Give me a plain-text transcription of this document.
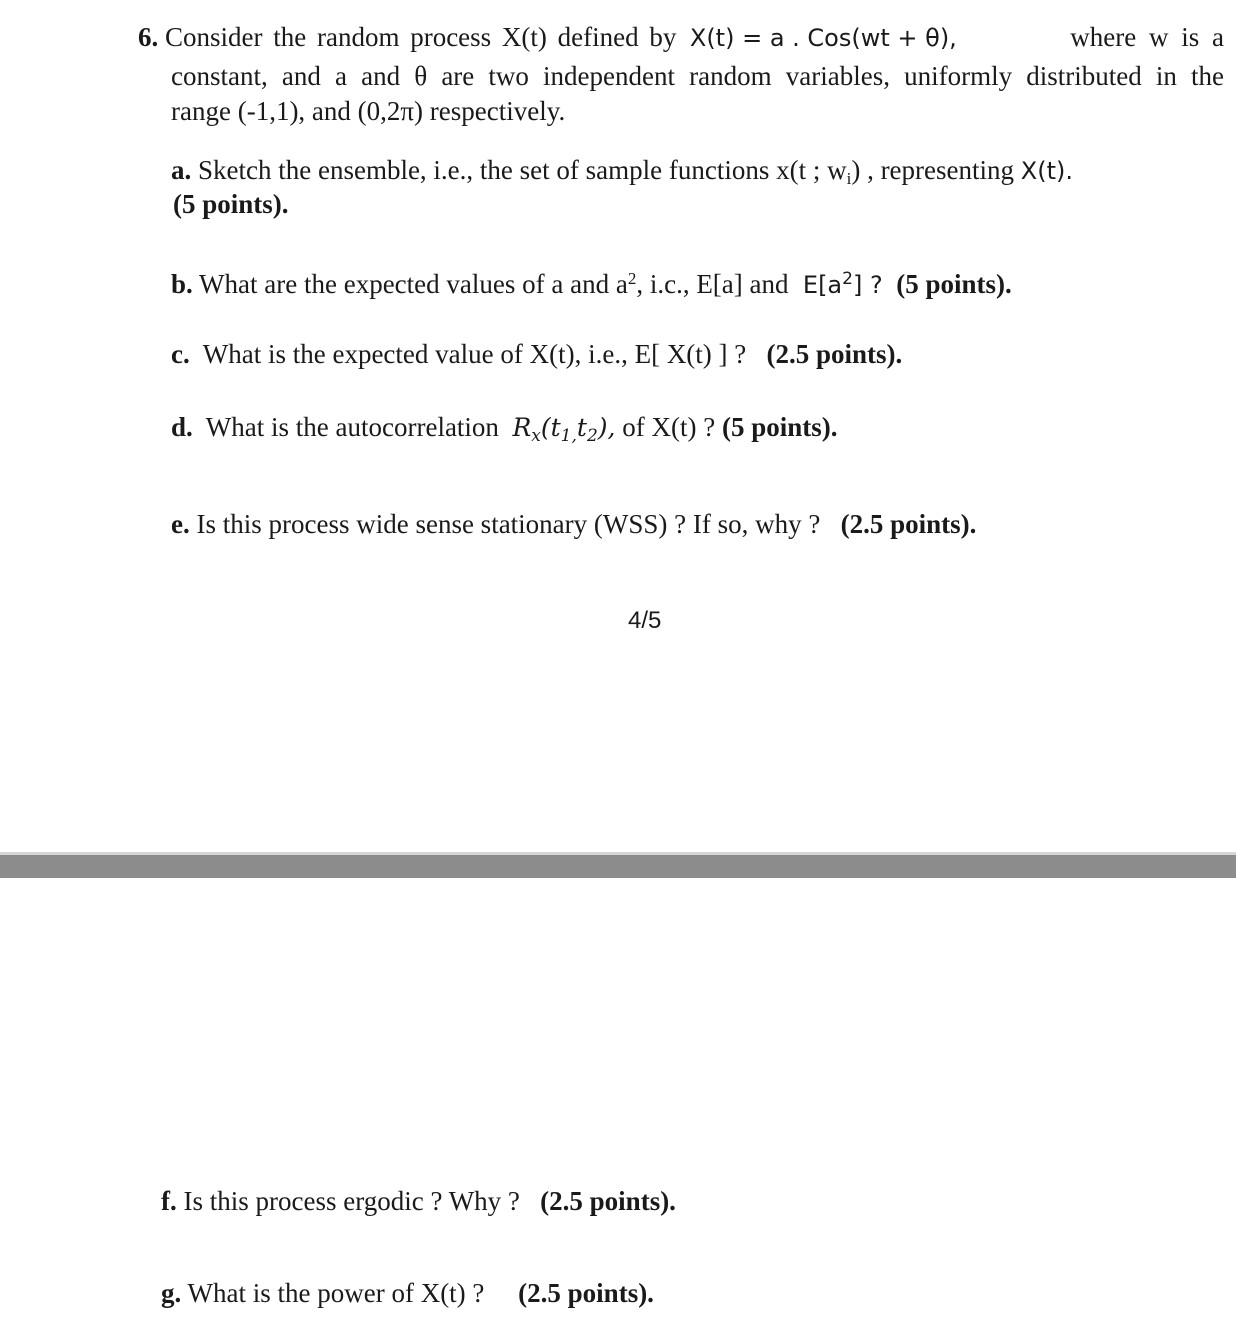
6. Consider the random process X(t) defined by X(t) = a . Cos(wt + θ),	where w is a
constant, and a and θ are two independent random variables, uniformly distributed in the
range (-1,1), and (0,2π) respectively.
a. Sketch the ensemble, i.e., the set of sample functions x(t ; $w_i$) , representing X(t).
(5 points).
b. What are the expected values of a and $a^2$, i.c., E[a] and $E[a^2]$ ? (5 points).
c. What is the expected value of X(t), i.e., E[ X(t) ] ? (2.5 points).
d. What is the autocorrelation $R_x(t_{1,}t_2)$, of X(t) ? (5 points).
e. Is this process wide sense stationary (WSS) ? If so, why ? (2.5 points).
4/5
f. Is this process ergodic ? Why ? (2.5 points).
g. What is the power of X(t) ? (2.5 points).
